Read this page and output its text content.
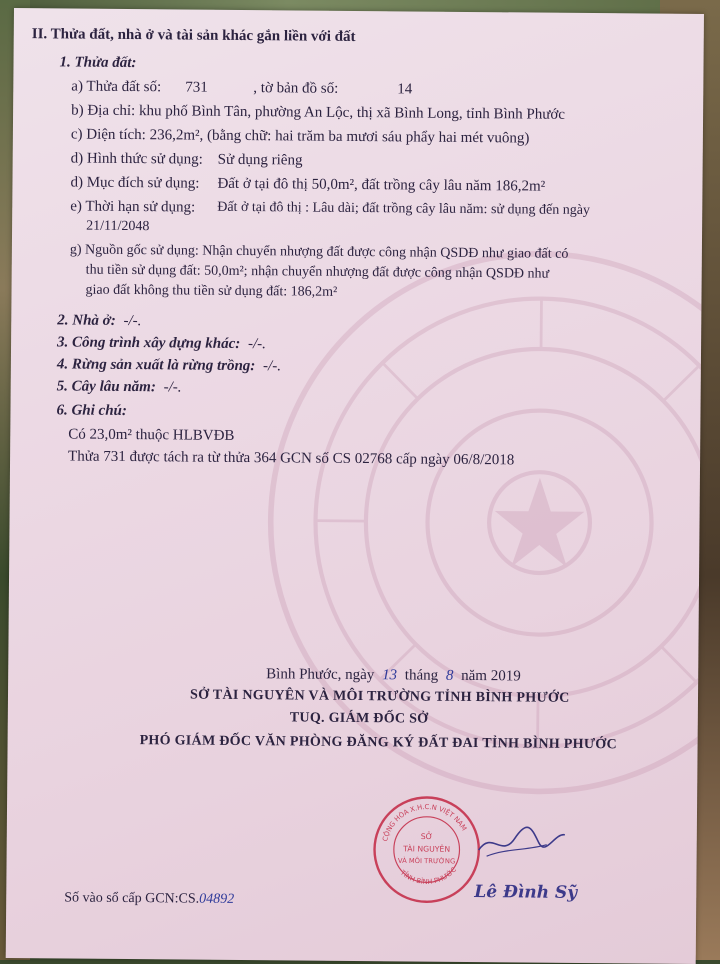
II. Thửa đất, nhà ở và tài sản khác gắn liền với đất
1. Thửa đất:
a) Thửa đất số: 731	, tờ bản đồ số:	14
b) Địa chỉ: khu phố Bình Tân, phường An Lộc, thị xã Bình Long, tỉnh Bình Phước
c) Diện tích: 236,2m², (bằng chữ: hai trăm ba mươi sáu phẩy hai mét vuông)
d) Hình thức sử dụng: Sử dụng riêng
d) Mục đích sử dụng: Đất ở tại đô thị 50,0m², đất trồng cây lâu năm 186,2m²
e) Thời hạn sử dụng: Đất ở tại đô thị : Lâu dài; đất trồng cây lâu năm: sử dụng đến ngày
21/11/2048
g) Nguồn gốc sử dụng: Nhận chuyển nhượng đất được công nhận QSDĐ như giao đất có
thu tiền sử dụng đất: 50,0m²; nhận chuyển nhượng đất được công nhận QSDĐ như
giao đất không thu tiền sử dụng đất: 186,2m²
2. Nhà ở: -/-.
3. Công trình xây dựng khác: -/-.
4. Rừng sản xuất là rừng trồng: -/-.
5. Cây lâu năm: -/-.
6. Ghi chú:
Có 23,0m² thuộc HLBVĐB
Thửa 731 được tách ra từ thửa 364 GCN số CS 02768 cấp ngày 06/8/2018
Bình Phước, ngày 13 tháng 8 năm 2019
SỞ TÀI NGUYÊN VÀ MÔI TRƯỜNG TỈNH BÌNH PHƯỚC
TUQ. GIÁM ĐỐC SỞ
PHÓ GIÁM ĐỐC VĂN PHÒNG ĐĂNG KÝ ĐẤT ĐAI TỈNH BÌNH PHƯỚC
CỘNG HÒA X.H.C.N VIỆT NAM
TỈNH BÌNH PHƯỚC
SỞ
TÀI NGUYÊN
VÀ MÔI TRƯỜNG
Lê Đình Sỹ
Số vào sổ cấp GCN:CS.04892
